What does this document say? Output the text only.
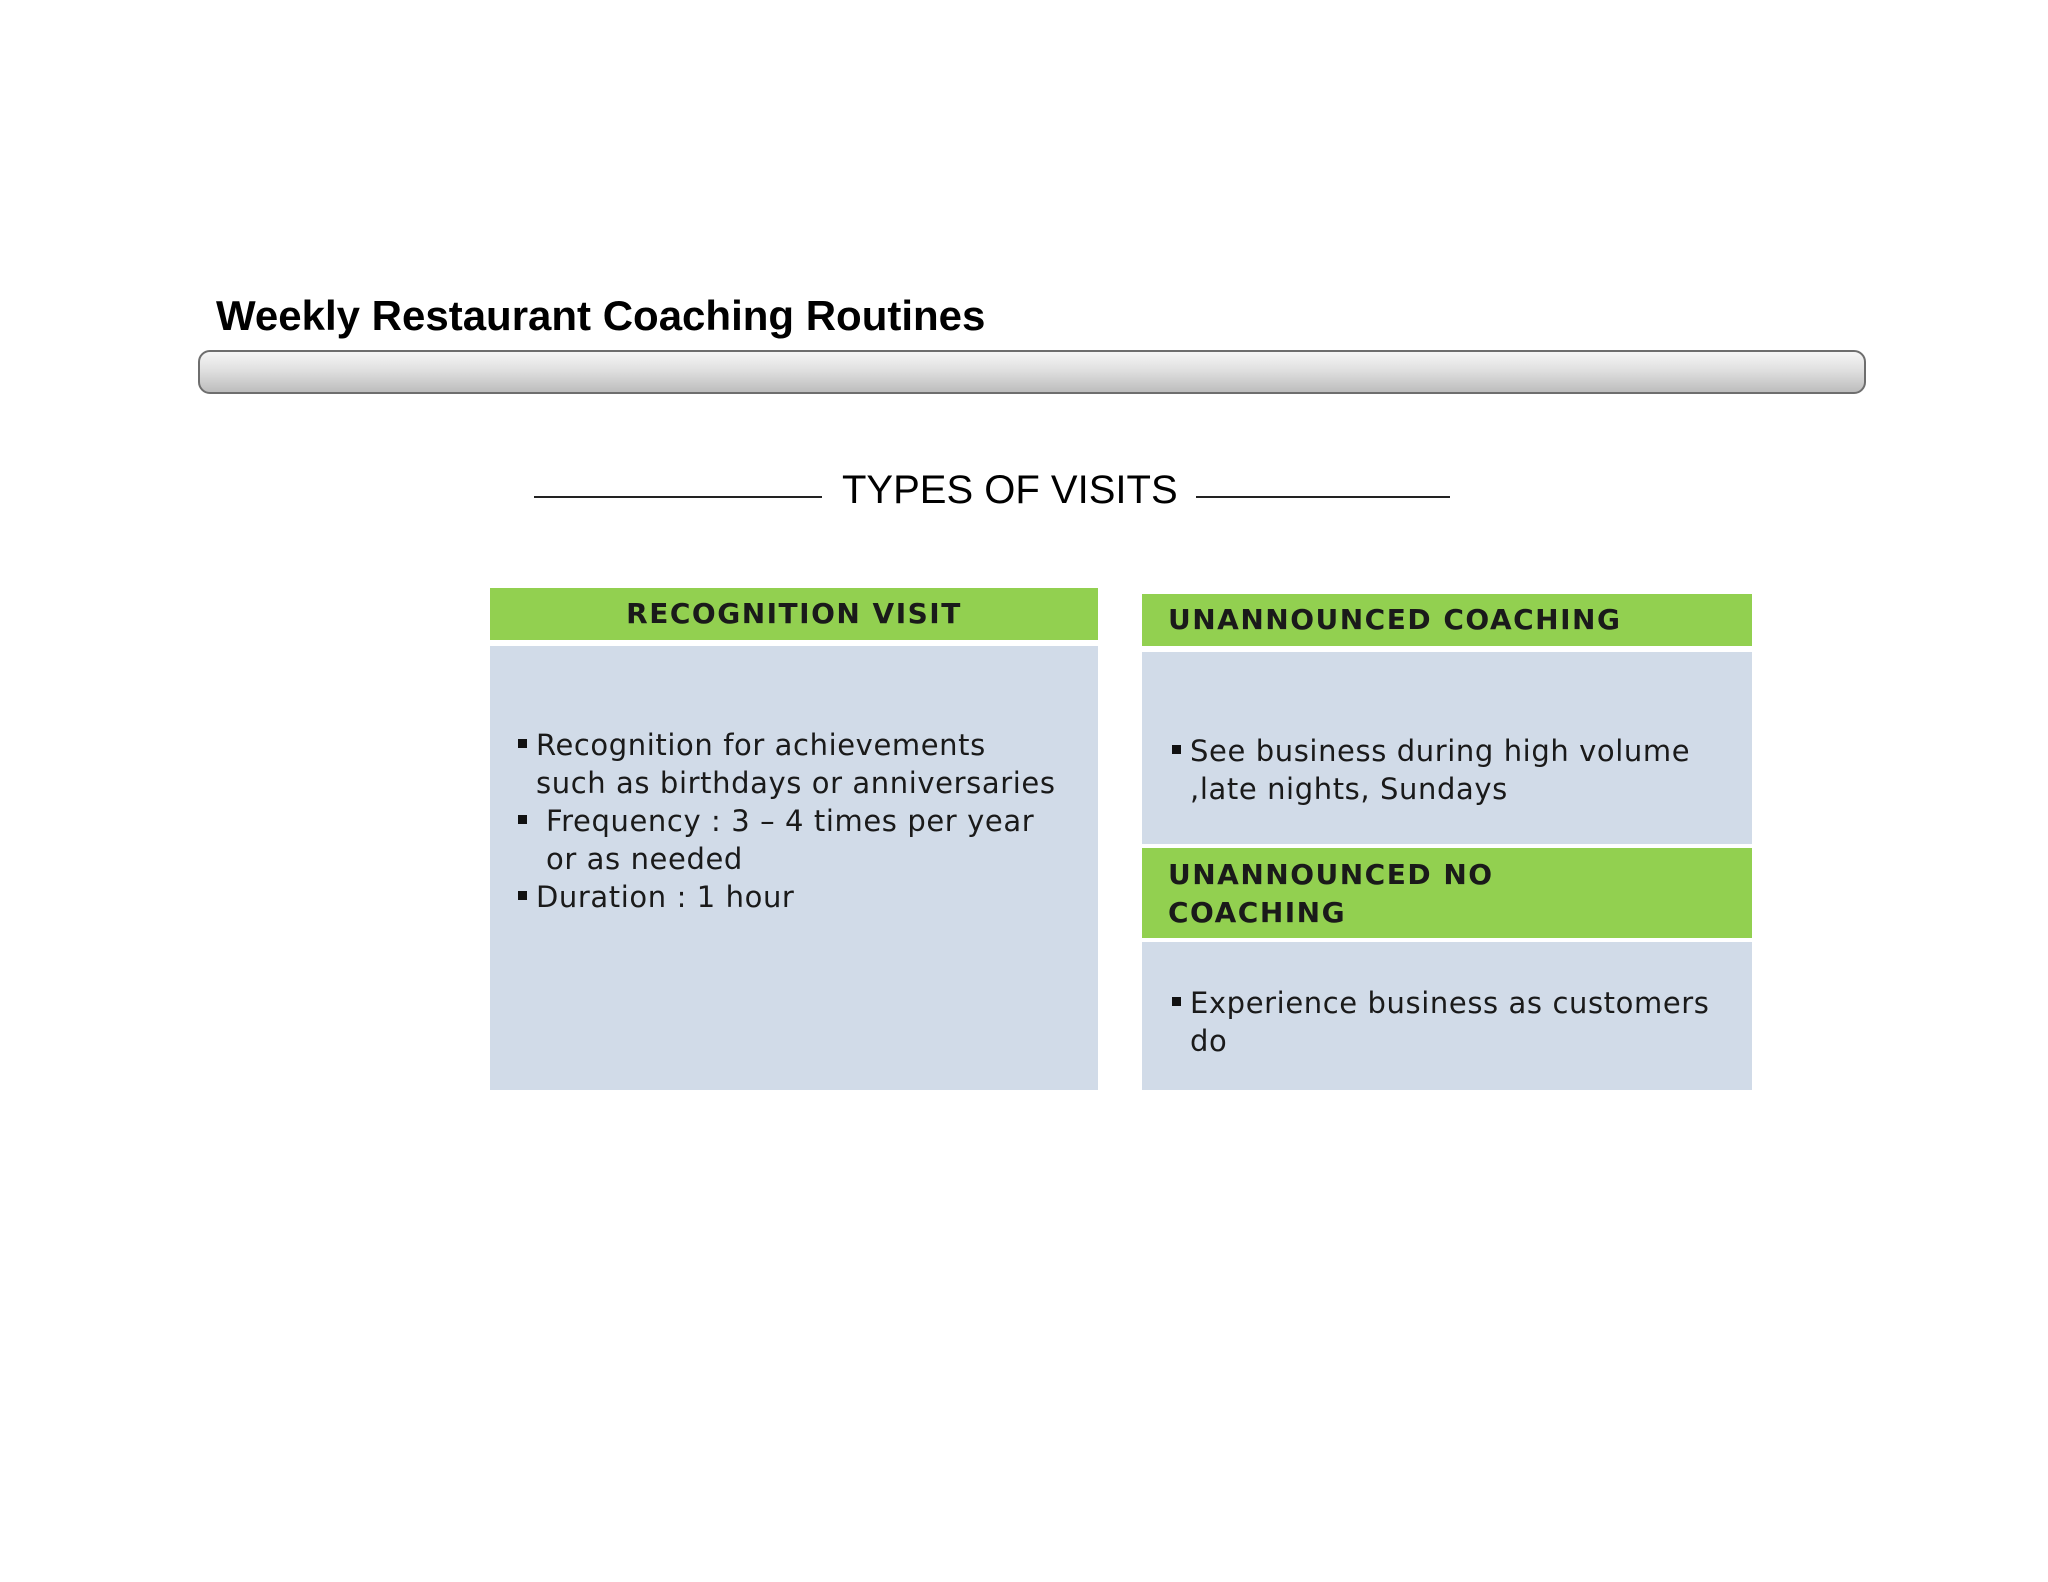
Weekly Restaurant Coaching Routines
TYPES OF VISITS
RECOGNITION VISIT
Recognition for achievements such as birthdays or anniversaries
Frequency : 3 – 4 times per year or as needed
Duration : 1 hour
UNANNOUNCED COACHING
See business during high volume ,late nights, Sundays
UNANNOUNCED NO
COACHING
Experience business as customers do
